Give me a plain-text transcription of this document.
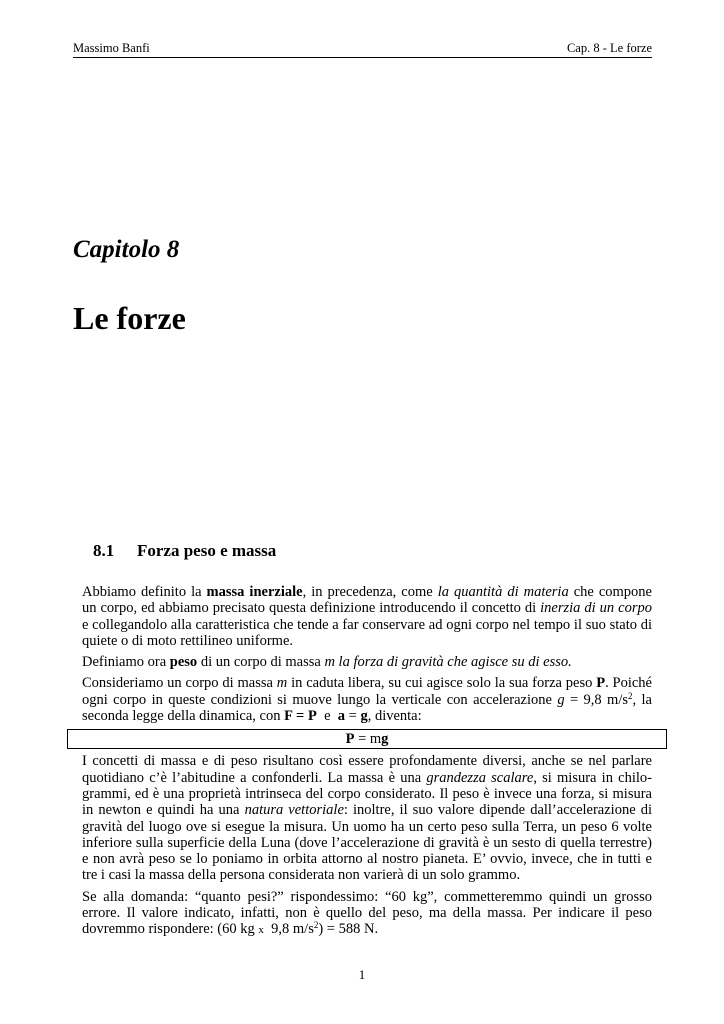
Massimo Banfi	Cap. 8 - Le forze
Capitolo 8
Le forze
8.1	Forza peso e massa

Abbiamo definito la massa inerziale, in precedenza, come la quantità di materia che compone un corpo, ed abbiamo precisato questa definizione introducendo il concetto di inerzia di un corpo e collegandolo alla caratteristica che tende a far conservare ad ogni corpo nel tempo il suo stato di quiete o di moto rettilineo uniforme.

Definiamo ora peso di un corpo di massa m la forza di gravità che agisce su di esso.

Consideriamo un corpo di massa m in caduta libera, su cui agisce solo la sua forza peso P. Poiché ogni corpo in queste condizioni si muove lungo la verticale con accelerazione g = 9,8 $m/s^2$, la seconda legge della dinamica, con F = P  e  a = g, diventa:

P = mg

I concetti di massa e di peso risultano così essere profondamente diversi, anche se nel parlare quotidiano c’è l’abitudine a confonderli. La massa è una grandezza scalare, si misura in chilo-grammi, ed è una proprietà intrinseca del corpo considerato. Il peso è invece una forza, si misura in newton e quindi ha una natura vettoriale: inoltre, il suo valore dipende dall’accelerazione di gravità del luogo ove si esegue la misura. Un uomo ha un certo peso sulla Terra, un peso 6 volte inferiore sulla superficie della Luna (dove l’accelerazione di gravità è un sesto di quella terrestre) e non avrà peso se lo poniamo in orbita attorno al nostro pianeta. E’ ovvio, invece, che in tutti e tre i casi la massa della persona considerata non varierà di un solo grammo.

Se alla domanda: “quanto pesi?” rispondessimo: “60 kg”, commetteremmo quindi un grosso errore. Il valore indicato, infatti, non è quello del peso, ma della massa. Per indicare il peso dovremmo rispondere: (60 kg x  9,8 $m/s^2) = 588$ N.

1
